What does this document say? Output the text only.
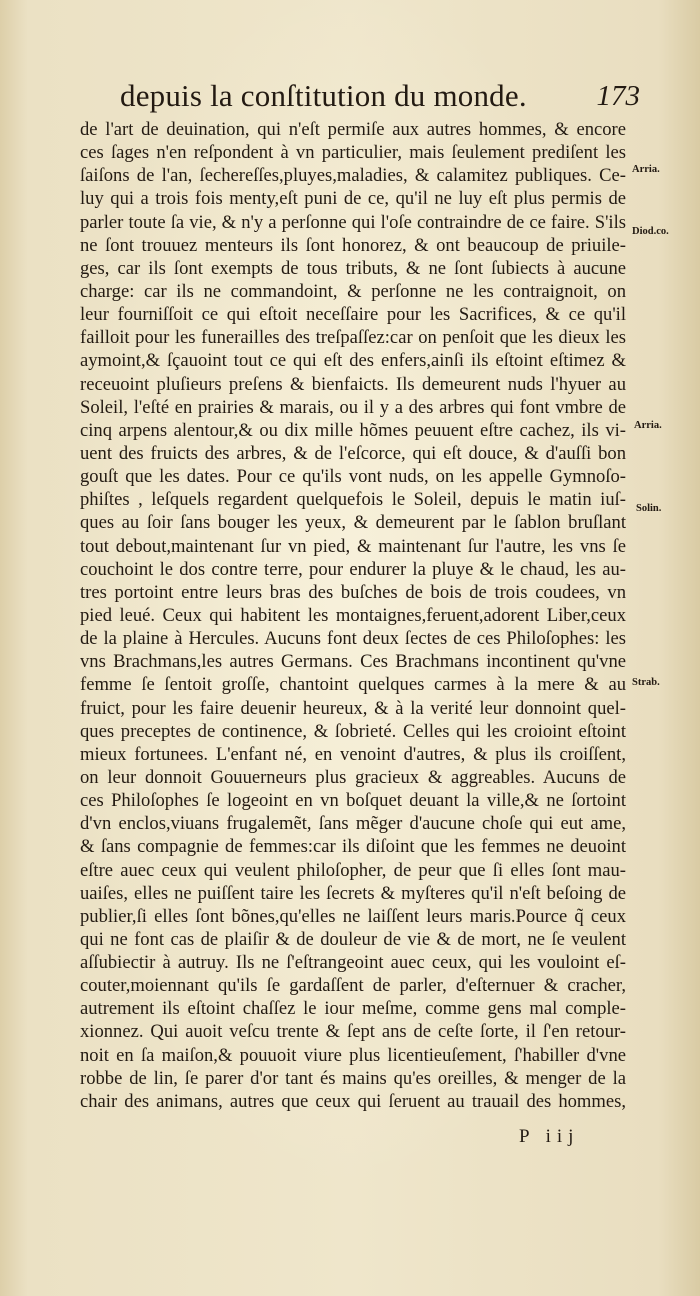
depuis la conſtitution du monde. 173
de l'art de deuination, qui n'eſt permiſe aux autres hommes, & encore
ces ſages n'en reſpondent à vn particulier, mais ſeulement prediſent les
ſaiſons de l'an, ſechereſſes,pluyes,maladies, & calamitez publiques. Ce-
luy qui a trois fois menty,eſt puni de ce, qu'il ne luy eſt plus permis de
parler toute ſa vie, & n'y a perſonne qui l'oſe contraindre de ce faire. S'ils
ne ſont trouuez menteurs ils ſont honorez, & ont beaucoup de priuile-
ges, car ils ſont exempts de tous tributs, & ne ſont ſubiects à aucune
charge: car ils ne commandoint, & perſonne ne les contraignoit, on
leur fourniſſoit ce qui eſtoit neceſſaire pour les Sacrifices, & ce qu'il
failloit pour les funeraillеs des treſpaſſez:car on penſoit que les dieux les
aymoint,& ſçauoint tout ce qui eſt des enfers,ainſi ils eſtoint eſtimez &
receuoint pluſieurs preſens & bienfaicts. Ils demeurent nuds l'hyuer au
Soleil, l'eſté en prairies & marais, ou il y a des arbres qui font vmbre de
cinq arpens alentour,& ou dix mille hõmes peuuent eſtre cachez, ils vi-
uent des fruicts des arbres, & de l'eſcorce, qui eſt douce, & d'auſſi bon
gouſt que les dates. Pour ce qu'ils vont nuds, on les appelle Gymnoſo-
phiſtes , leſquels regardent quelquefois le Soleil, depuis le matin iuſ-
ques au ſoir ſans bouger les yeux, & demeurent par le ſablon bruſlant
tout debout,maintenant ſur vn pied, & maintenant ſur l'autre, les vns ſe
couchoint le dos contre terre, pour endurer la pluye & le chaud, les au-
tres portoint entre leurs bras des buſches de bois de trois coudees, vn
pied leué. Ceux qui habitent les montaignes,feruent,adorent Liber,ceux
de la plaine à Hercules. Aucuns font deux ſectes de ces Philoſophes: les
vns Brachmans,les autres Germans. Ces Brachmans incontinent qu'vne
femme ſe ſentoit groſſe, chantoint quelques carmes à la mere & au
fruict, pour les faire deuenir heureux, & à la verité leur donnoint quel-
ques preceptes de continence, & ſobrieté. Celles qui les croioint eſtoint
mieux fortunees. L'enfant né, en venoint d'autres, & plus ils croiſſent,
on leur donnoit Gouuerneurs plus gracieux & aggreables. Aucuns de
ces Philoſophes ſe logeoint en vn boſquet deuant la ville,& ne ſortoint
d'vn enclos,viuans frugalemẽt, ſans mẽger d'aucune choſe qui eut ame,
& ſans compagnie de femmes:car ils diſoint que les femmes ne deuoint
eſtre auec ceux qui veulent philoſopher, de peur que ſi elles ſont mau-
uaiſes, elles ne puiſſent taire les ſecrets & myſteres qu'il n'eſt beſoing de
publier,ſi elles ſont bõnes,qu'elles ne laiſſent leurs maris.Pource q̃ ceux
qui ne font cas de plaiſir & de douleur de vie & de mort, ne ſe veulent
aſſubiectir à autruy. Ils ne ſ'eſtrangeoint auec ceux, qui les vouloint eſ-
couter,moiennant qu'ils ſe gardaſſent de parler, d'eſternuer & cracher,
autrement ils eſtoint chaſſez le iour meſme, comme gens mal comple-
xionnez. Qui auoit veſcu trente & ſept ans de ceſte ſorte, il ſ'en retour-
noit en ſa maiſon,& pouuoit viure plus licentieuſement, ſ'habiller d'vne
robbe de lin, ſe parer d'or tant és mains qu'es oreilles, & menger de la
chair des animans, autres que ceux qui ſeruent au trauail des hommes,
Arria.
Diod.co.
Arria.
Solin.
Strab.
P iij
